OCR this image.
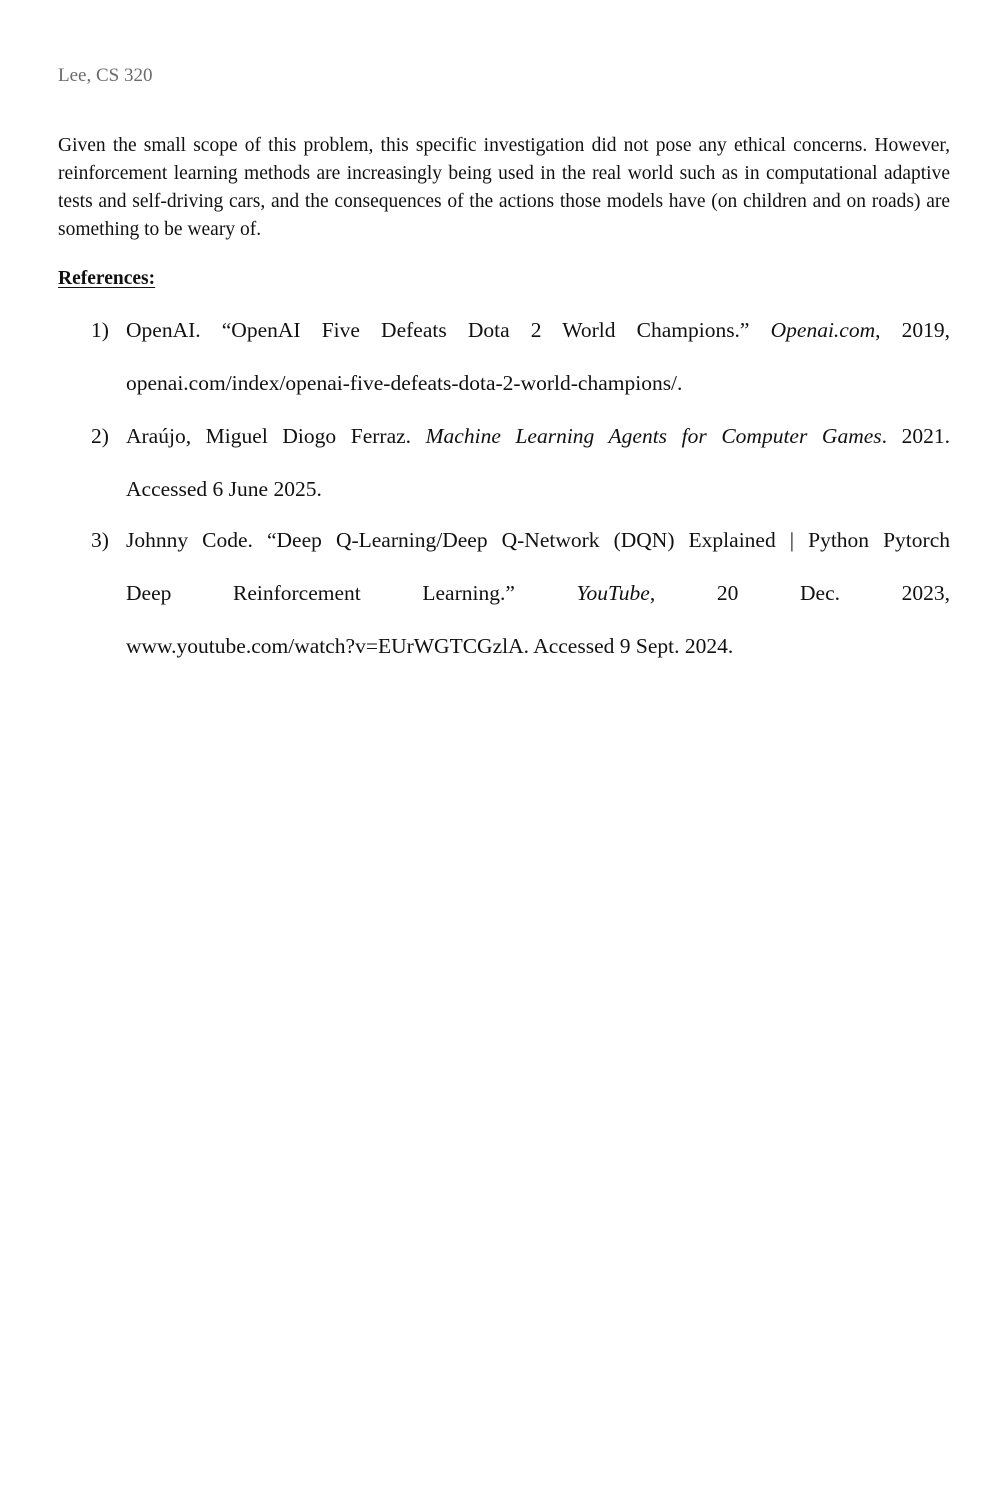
Lee, CS 320

Given the small scope of this problem, this specific investigation did not pose any ethical concerns. However, reinforcement learning methods are increasingly being used in the real world such as in computational adaptive tests and self-driving cars, and the consequences of the actions those models have (on children and on roads) are something to be weary of.

References:

1) OpenAI. “OpenAI Five Defeats Dota 2 World Champions.” Openai.com, 2019,
openai.com/index/openai-five-defeats-dota-2-world-champions/.
2) Araújo, Miguel Diogo Ferraz. Machine Learning Agents for Computer Games. 2021.
Accessed 6 June 2025.
3) Johnny Code. “Deep Q-Learning/Deep Q-Network (DQN) Explained | Python Pytorch
Deep Reinforcement Learning.”	YouTube, 20 Dec. 2023,
www.youtube.com/watch?v=EUrWGTCGzlA. Accessed 9 Sept. 2024.
